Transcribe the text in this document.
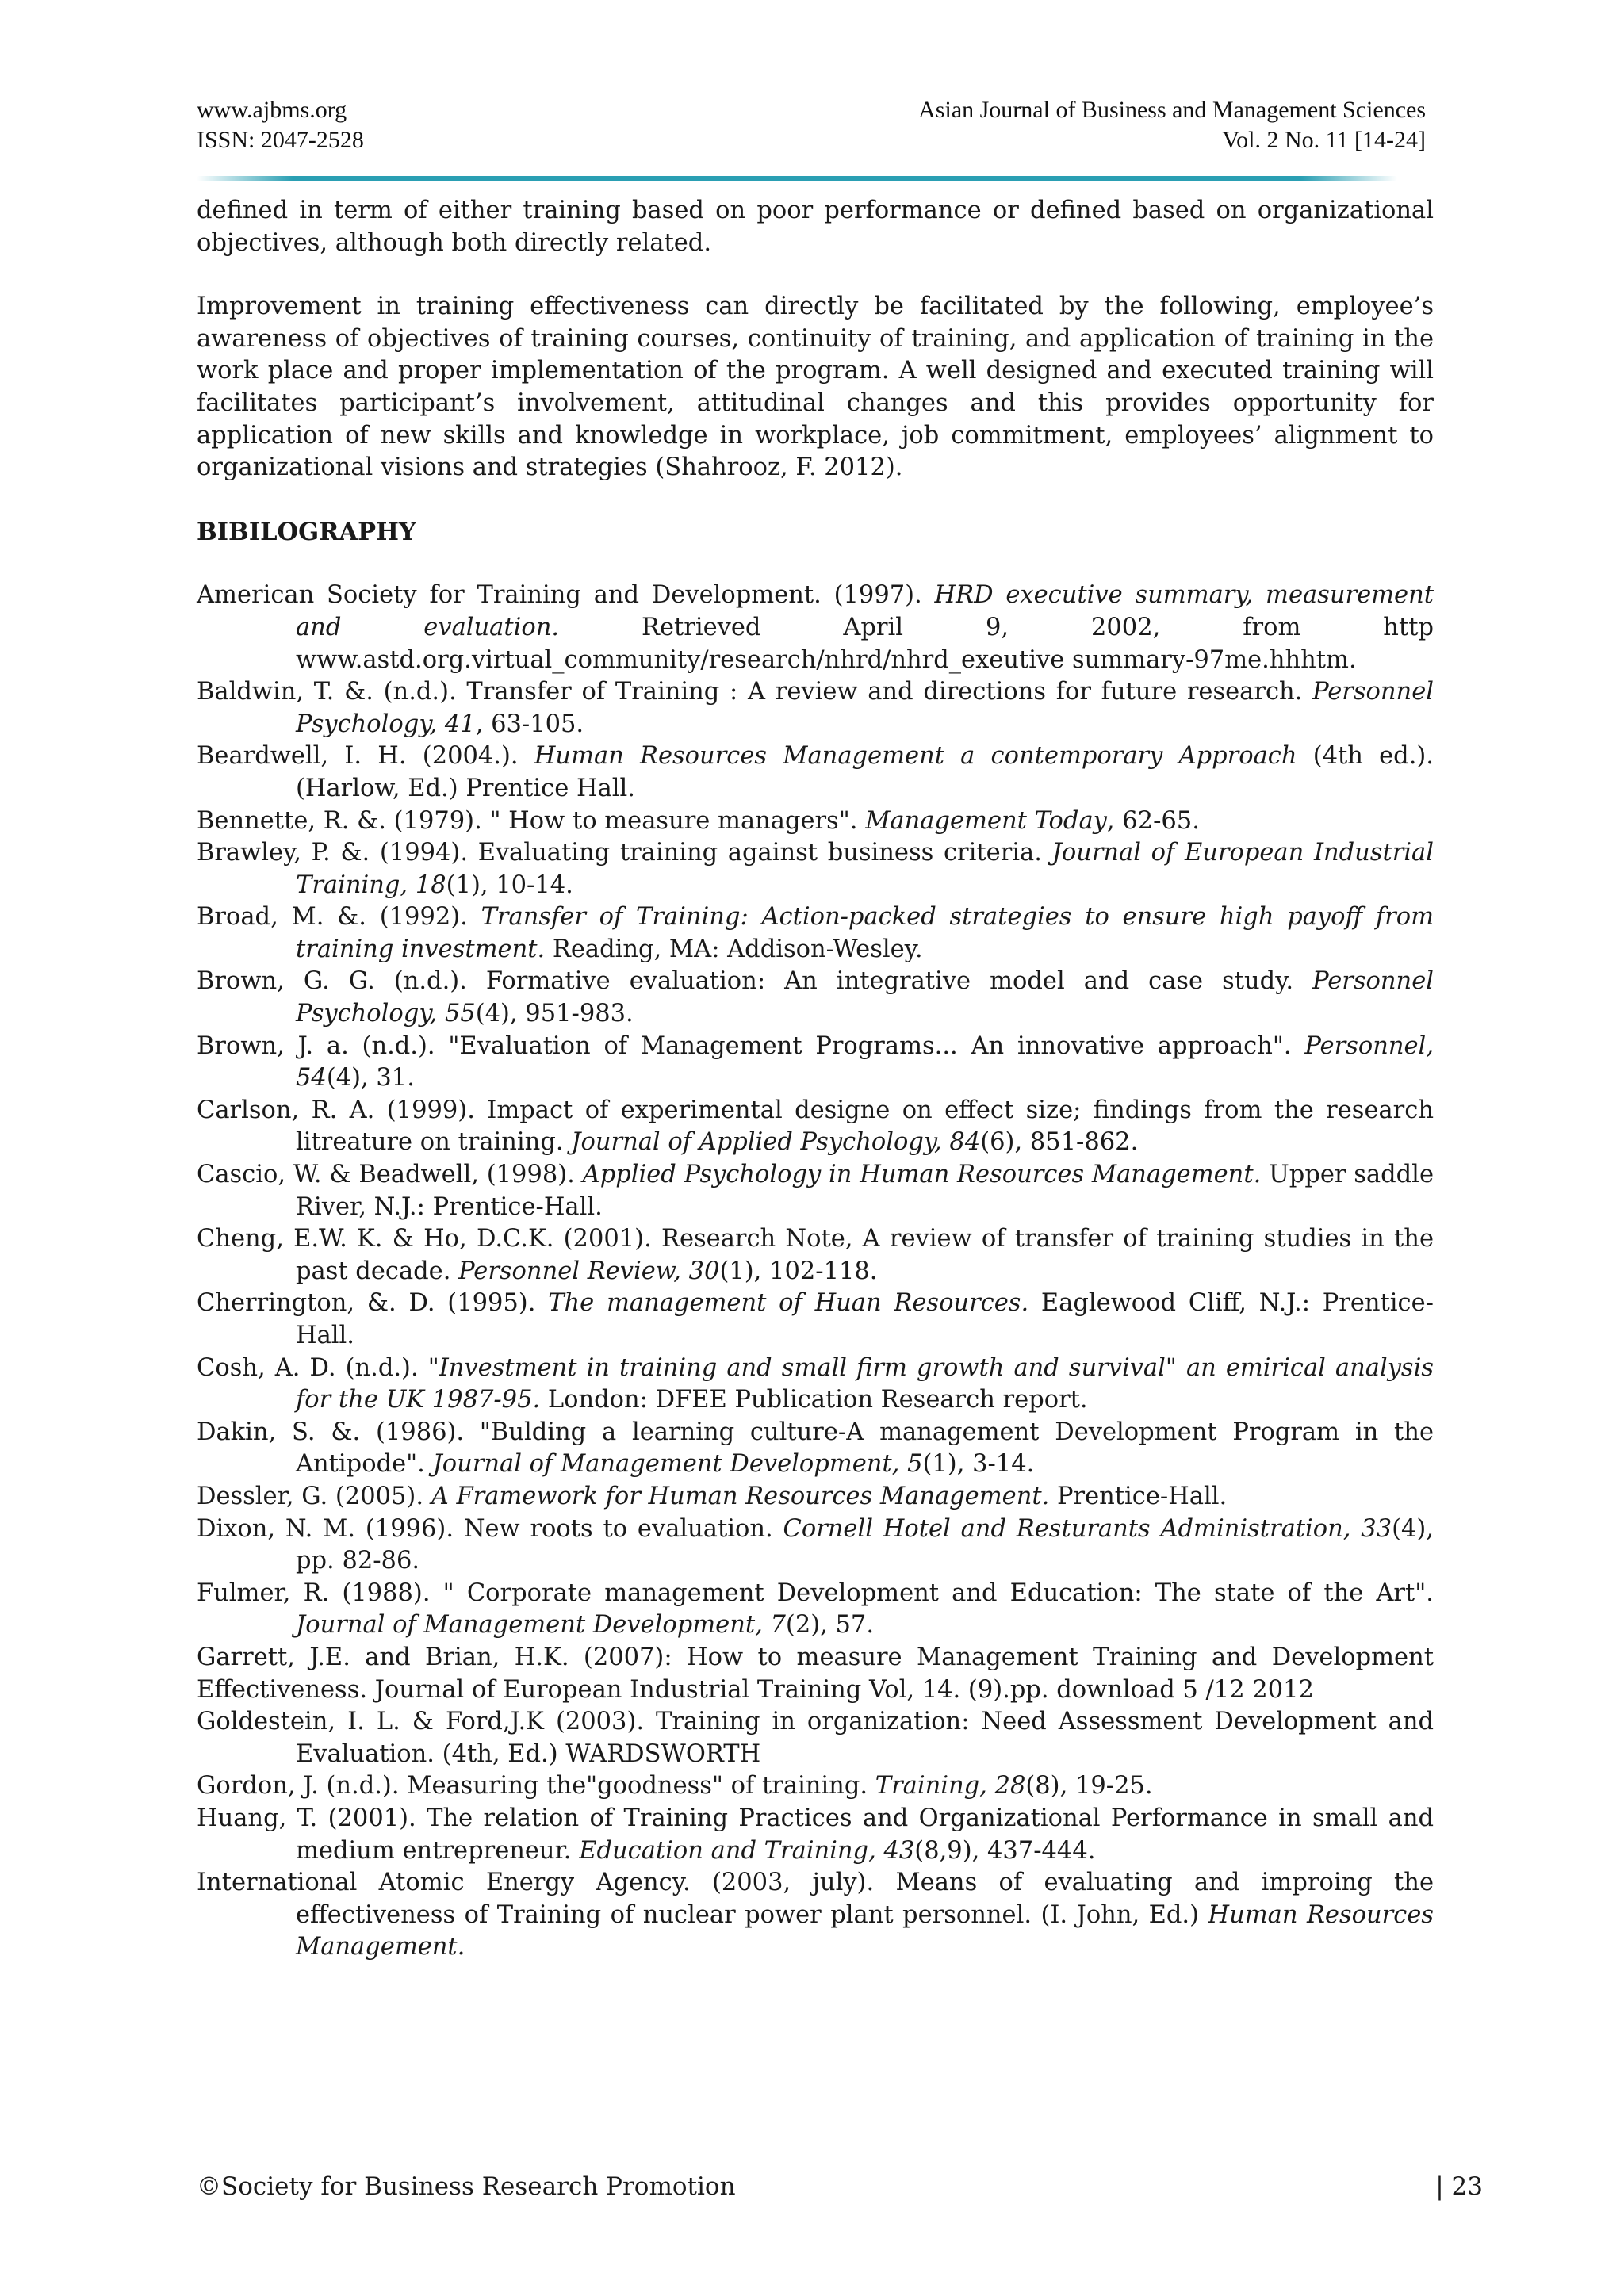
www.ajbms.org
ISSN: 2047-2528
Asian Journal of Business and Management Sciences
Vol. 2 No. 11 [14-24]

defined in term of either training based on poor performance or defined based on organizational objectives, although both directly related.

Improvement in training effectiveness can directly be facilitated by the following, employee’s awareness of objectives of training courses, continuity of training, and application of training in the work place and proper implementation of the program. A well designed and executed training will facilitates participant’s involvement, attitudinal changes and this provides opportunity for application of new skills and knowledge in workplace, job commitment, employees’ alignment to organizational visions and strategies (Shahrooz, F. 2012).

BIBILOGRAPHY
American Society for Training and Development. (1997). HRD executive summary, measurement and evaluation. Retrieved April 9, 2002, from http www.astd.org.virtual_community/research/nhrd/nhrd_exeutive summary-97me.hhhtm.
Baldwin, T. &. (n.d.). Transfer of Training : A review and directions for future research. Personnel Psychology, 41, 63-105.
Beardwell, I. H. (2004.). Human Resources Management a contemporary Approach (4th ed.). (Harlow, Ed.) Prentice Hall.
Bennette, R. &. (1979). " How to measure managers". Management Today, 62-65.
Brawley, P. &. (1994). Evaluating training against business criteria. Journal of European Industrial Training, 18(1), 10-14.
Broad, M. &. (1992). Transfer of Training: Action-packed strategies to ensure high payoff from training investment. Reading, MA: Addison-Wesley.
Brown, G. G. (n.d.). Formative evaluation: An integrative model and case study. Personnel Psychology, 55(4), 951-983.
Brown, J. a. (n.d.). "Evaluation of Management Programs... An innovative approach". Personnel, 54(4), 31.
Carlson, R. A. (1999). Impact of experimental designe on effect size; findings from the research litreature on training. Journal of Applied Psychology, 84(6), 851-862.
Cascio, W. & Beadwell, (1998). Applied Psychology in Human Resources Management. Upper saddle River, N.J.: Prentice-Hall.
Cheng, E.W. K. & Ho, D.C.K. (2001). Research Note, A review of transfer of training studies in the past decade. Personnel Review, 30(1), 102-118.
Cherrington, &. D. (1995). The management of Huan Resources. Eaglewood Cliff, N.J.: Prentice-Hall.
Cosh, A. D. (n.d.). "Investment in training and small firm growth and survival" an emirical analysis for the UK 1987-95. London: DFEE Publication Research report.
Dakin, S. &. (1986). "Bulding a learning culture-A management Development Program in the Antipode". Journal of Management Development, 5(1), 3-14.
Dessler, G. (2005). A Framework for Human Resources Management. Prentice-Hall.
Dixon, N. M. (1996). New roots to evaluation. Cornell Hotel and Resturants Administration, 33(4), pp. 82-86.
Fulmer, R. (1988). " Corporate management Development and Education: The state of the Art". Journal of Management Development, 7(2), 57.
Garrett, J.E. and Brian, H.K. (2007): How to measure Management Training and Development Effectiveness. Journal of European Industrial Training Vol, 14. (9).pp. download 5 /12 2012
Goldestein, I. L. & Ford,J.K (2003). Training in organization: Need Assessment Development and Evaluation. (4th, Ed.) WARDSWORTH
Gordon, J. (n.d.). Measuring the"goodness" of training. Training, 28(8), 19-25.
Huang, T. (2001). The relation of Training Practices and Organizational Performance in small and medium entrepreneur. Education and Training, 43(8,9), 437-444.
International Atomic Energy Agency. (2003, july). Means of evaluating and improing the effectiveness of Training of nuclear power plant personnel. (I. John, Ed.) Human Resources Management.
©Society for Business Research Promotion	| 23
